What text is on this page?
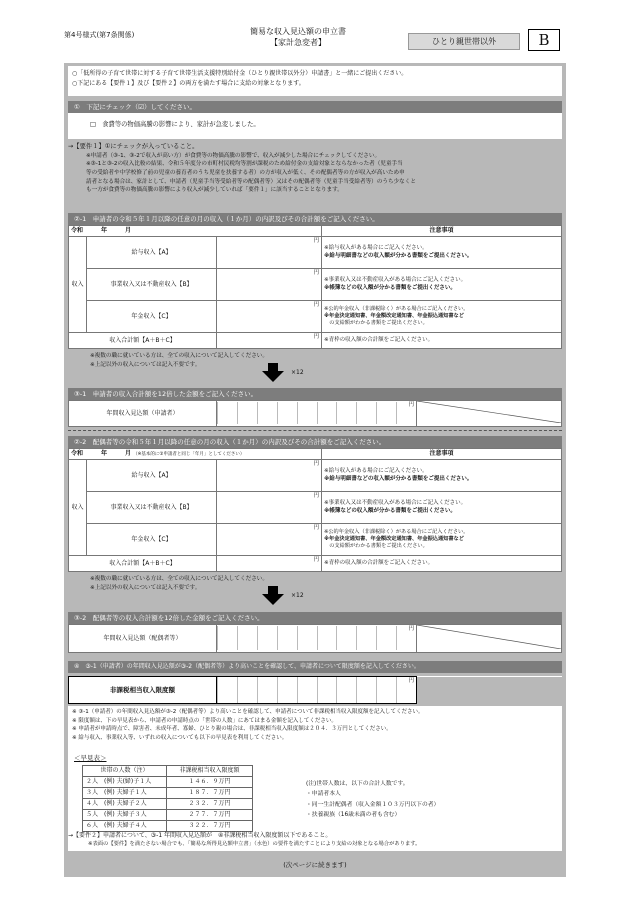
第4号様式(第7条関係)	簡易な収入見込額の申立書
【家計急変者】	ひとり親世帯以外	B
○「低所得の子育て世帯に対する子育て世帯生活支援特別給付金（ひとり親世帯以外分）申請書」と一緒にご提出ください。
○下記にある【要件１】及び【要件２】の両方を満たす場合に支給の対象となります。
①　下記にチェック（☑）してください。
□　食費等の物価高騰の影響により、家計が急変しました。
→【要件１】①にチェックが入っていること。
※申請者（③-1、③-2で収入が高い方）が食費等の物価高騰の影響で、収入が減少した場合にチェックしてください。
※③-1と③-2の収入比較の結果、令和５年度分の市町村民税均等割が課税のため給付金の支給対象とならなかった者（児童手当
等の受給者や中学校修了前の児童の養育者のうち児童を扶養する者）の方が収入が低く、その配偶者等の方が収入が高いため申
請者となる場合は、家計として、申請者（児童手当等受給者等の配偶者等）又はその配偶者等（児童手当受給者等）のうち少なくと
も一方が食費等の物価高騰の影響により収入が減少していれば「要件１」に該当することとなります。
②-1　申請者の令和５年１月以降の任意の月の収入（１か月）の内訳及びその合計額をご記入ください。
令和　　　年　　　月			注意事項
収入	給与収入【A】	円	※給与収入がある場合にご記入ください。
※給与明細書などの収入額が分かる書類をご提出ください。

	事業収入又は不動産収入【B】	円	※事業収入又は不動産収入がある場合にご記入ください。
※帳簿などの収入額が分かる書類をご提出ください。

	年金収入【C】	円	※公的年金収入（非課税除く）がある場合にご記入ください。
※年金決定通知書、年金額改定通知書、年金振込通知書など
　の支給額がわかる書類をご提出ください。

収入合計額【A＋B＋C】		円	※青枠の収入額の合計額をご記入ください。
※複数の職に就いている方は、全ての収入について記入してください。
※上記以外の収入については記入不要です。
×12
③-1　申請者の収入合計額を12倍した金額をご記入ください。
年間収入見込額（申請者）	
円

②-2　配偶者等の令和５年１月以降の任意の月の収入（１か月）の内訳及びその合計額をご記入ください。
令和　　　年　　　月 （※基本的に②申請者と同じ「年月」としてください）			注意事項
収入	給与収入【A】	円	※給与収入がある場合にご記入ください。
※給与明細書などの収入額が分かる書類をご提出ください。

	事業収入又は不動産収入【B】	円	※事業収入又は不動産収入がある場合にご記入ください。
※帳簿などの収入額が分かる書類をご提出ください。

	年金収入【C】	円	※公的年金収入（非課税除く）がある場合にご記入ください。
※年金決定通知書、年金額改定通知書、年金振込通知書など
　の支給額がわかる書類をご提出ください。

収入合計額【A＋B＋C】		円	※青枠の収入額の合計額をご記入ください。
※複数の職に就いている方は、全ての収入について記入してください。
※上記以外の収入については記入不要です。
×12
③-2　配偶者等の収入合計額を12倍した金額をご記入ください。
年間収入見込額（配偶者等）	
円

④　③-1（申請者）の年間収入見込額が③-2（配偶者等）より高いことを確認して、申請者について限度額を記入してください。
非課税相当収入限度額	
円

※ ③-1（申請者）の年間収入見込額が③-2（配偶者等）より高いことを確認して、申請者について非課税相当収入限度額を記入してください。
※ 限度額は、下の早見表から、申請者の申請時点の「世帯の人数」にあてはまる金額を記入してください。
※ 申請者が申請時点で、障害者、未成年者、寡婦、ひとり親の場合は、非課税相当収入限度額は２０４．３万円としてください。
※ 給与収入、事業収入等、いずれの収入についても以下の早見表を利用してください。
＜早見表＞
世帯の人数（注）	非課税相当収入限度額
２人　(例) 夫(婦)子１人	１４６．９万円
３人　(例) 夫婦子１人	１８７．７万円
４人　(例) 夫婦子２人	２３２．７万円
５人　(例) 夫婦子３人	２７７．７万円
６人　(例) 夫婦子４人	３２２．７万円
(注)世帯人数は、以下の合計人数です。
・申請者本人
・同一生計配偶者（収入金額１０３万円以下の者）
・扶養親族（16歳未満の者も含む）
→【要件２】申請者について、③-1 年間収入見込額が　④非課税相当収入限度額以下であること。
※表面の【要件】を満たさない場合でも、「簡易な所得見込額申立書」（水色）の要件を満たすことにより支給の対象となる場合があります。
(次ページに続きます)
